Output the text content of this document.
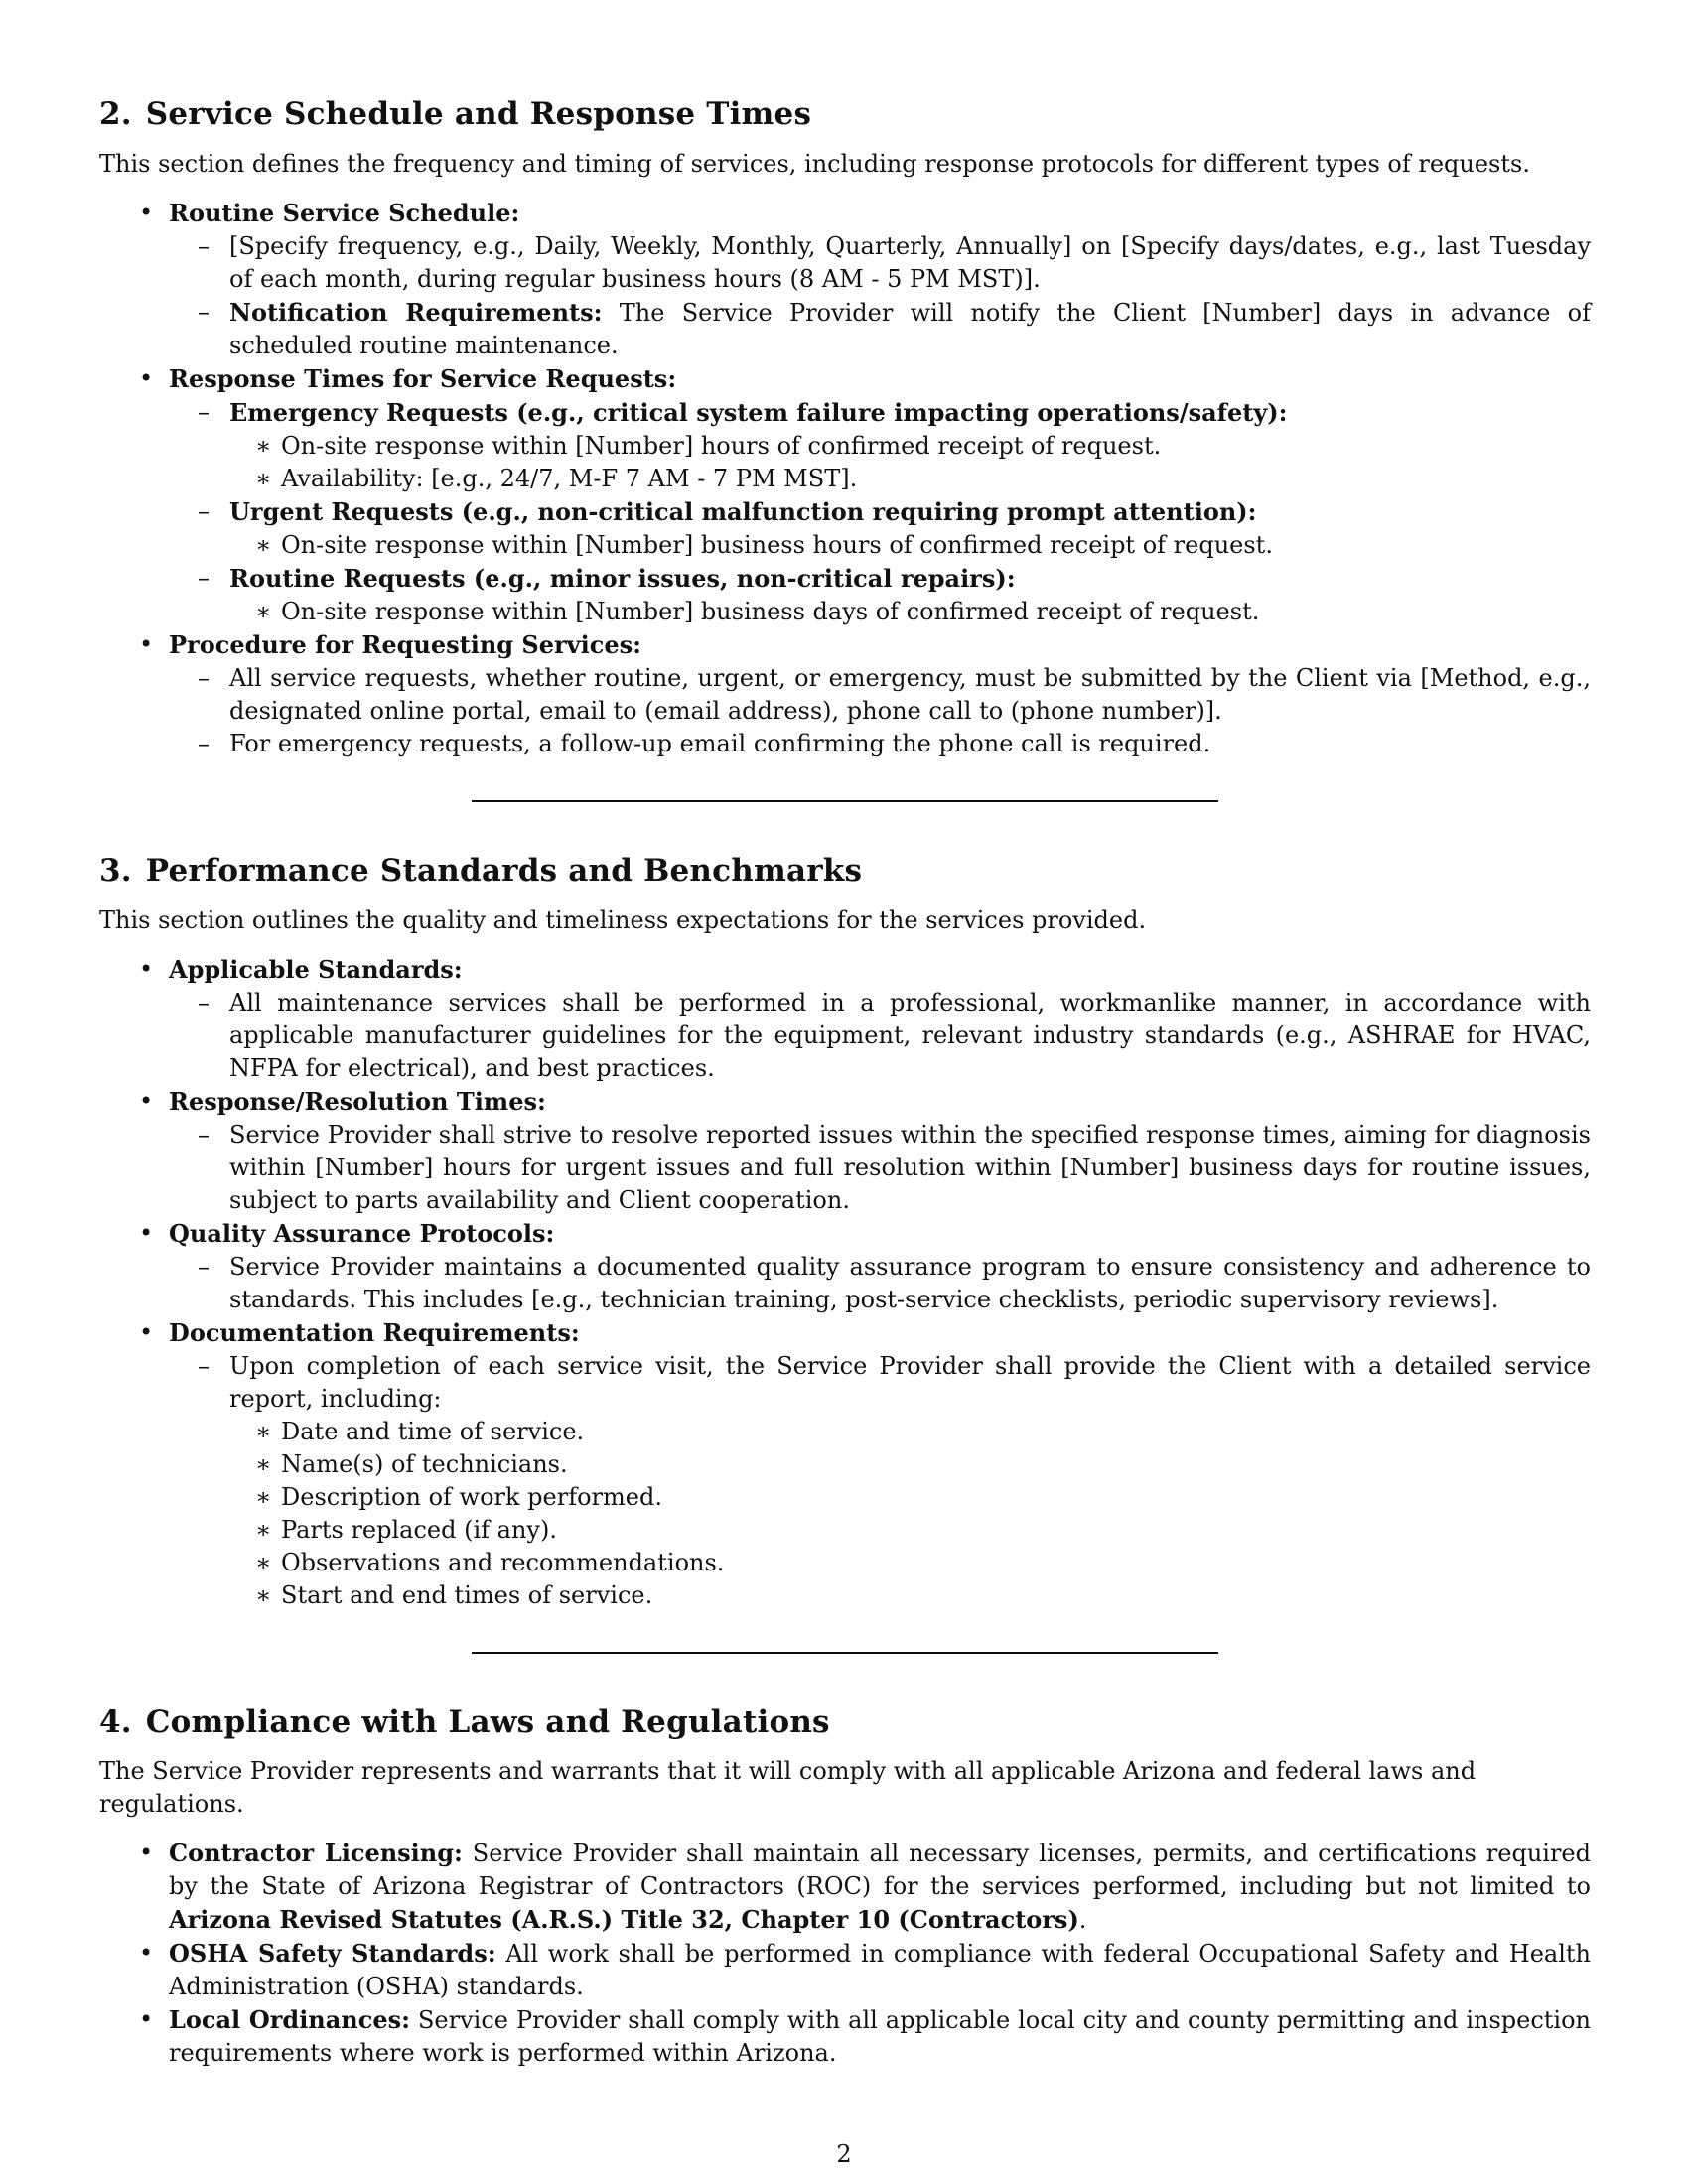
2. Service Schedule and Response Times

This section defines the frequency and timing of services, including response protocols for different types of requests.

• Routine Service Schedule:
– [Specify frequency, e.g., Daily, Weekly, Monthly, Quarterly, Annually] on [Specify days/dates, e.g., last Tuesday of each month, during regular business hours (8 AM - 5 PM MST)].
– Notification Requirements: The Service Provider will notify the Client [Number] days in advance of scheduled routine maintenance.
• Response Times for Service Requests:
– Emergency Requests (e.g., critical system failure impacting operations/safety):
∗ On-site response within [Number] hours of confirmed receipt of request.
∗ Availability: [e.g., 24/7, M-F 7 AM - 7 PM MST].
– Urgent Requests (e.g., non-critical malfunction requiring prompt attention):
∗ On-site response within [Number] business hours of confirmed receipt of request.
– Routine Requests (e.g., minor issues, non-critical repairs):
∗ On-site response within [Number] business days of confirmed receipt of request.
• Procedure for Requesting Services:
– All service requests, whether routine, urgent, or emergency, must be submitted by the Client via [Method, e.g., designated online portal, email to (email address), phone call to (phone number)].
– For emergency requests, a follow-up email confirming the phone call is required.
3. Performance Standards and Benchmarks

This section outlines the quality and timeliness expectations for the services provided.

• Applicable Standards:
– All maintenance services shall be performed in a professional, workmanlike manner, in accordance with applicable manufacturer guidelines for the equipment, relevant industry standards (e.g., ASHRAE for HVAC, NFPA for electrical), and best practices.
• Response/Resolution Times:
– Service Provider shall strive to resolve reported issues within the specified response times, aiming for diagnosis within [Number] hours for urgent issues and full resolution within [Number] business days for routine issues, subject to parts availability and Client cooperation.
• Quality Assurance Protocols:
– Service Provider maintains a documented quality assurance program to ensure consistency and adherence to standards. This includes [e.g., technician training, post-service checklists, periodic supervisory reviews].
• Documentation Requirements:
– Upon completion of each service visit, the Service Provider shall provide the Client with a detailed service report, including:
∗ Date and time of service.
∗ Name(s) of technicians.
∗ Description of work performed.
∗ Parts replaced (if any).
∗ Observations and recommendations.
∗ Start and end times of service.
4. Compliance with Laws and Regulations

The Service Provider represents and warrants that it will comply with all applicable Arizona and federal laws and regulations.

• Contractor Licensing: Service Provider shall maintain all necessary licenses, permits, and certifications required by the State of Arizona Registrar of Contractors (ROC) for the services performed, including but not limited to Arizona Revised Statutes (A.R.S.) Title 32, Chapter 10 (Contractors).
• OSHA Safety Standards: All work shall be performed in compliance with federal Occupational Safety and Health Administration (OSHA) standards.
• Local Ordinances: Service Provider shall comply with all applicable local city and county permitting and inspection requirements where work is performed within Arizona.
2
